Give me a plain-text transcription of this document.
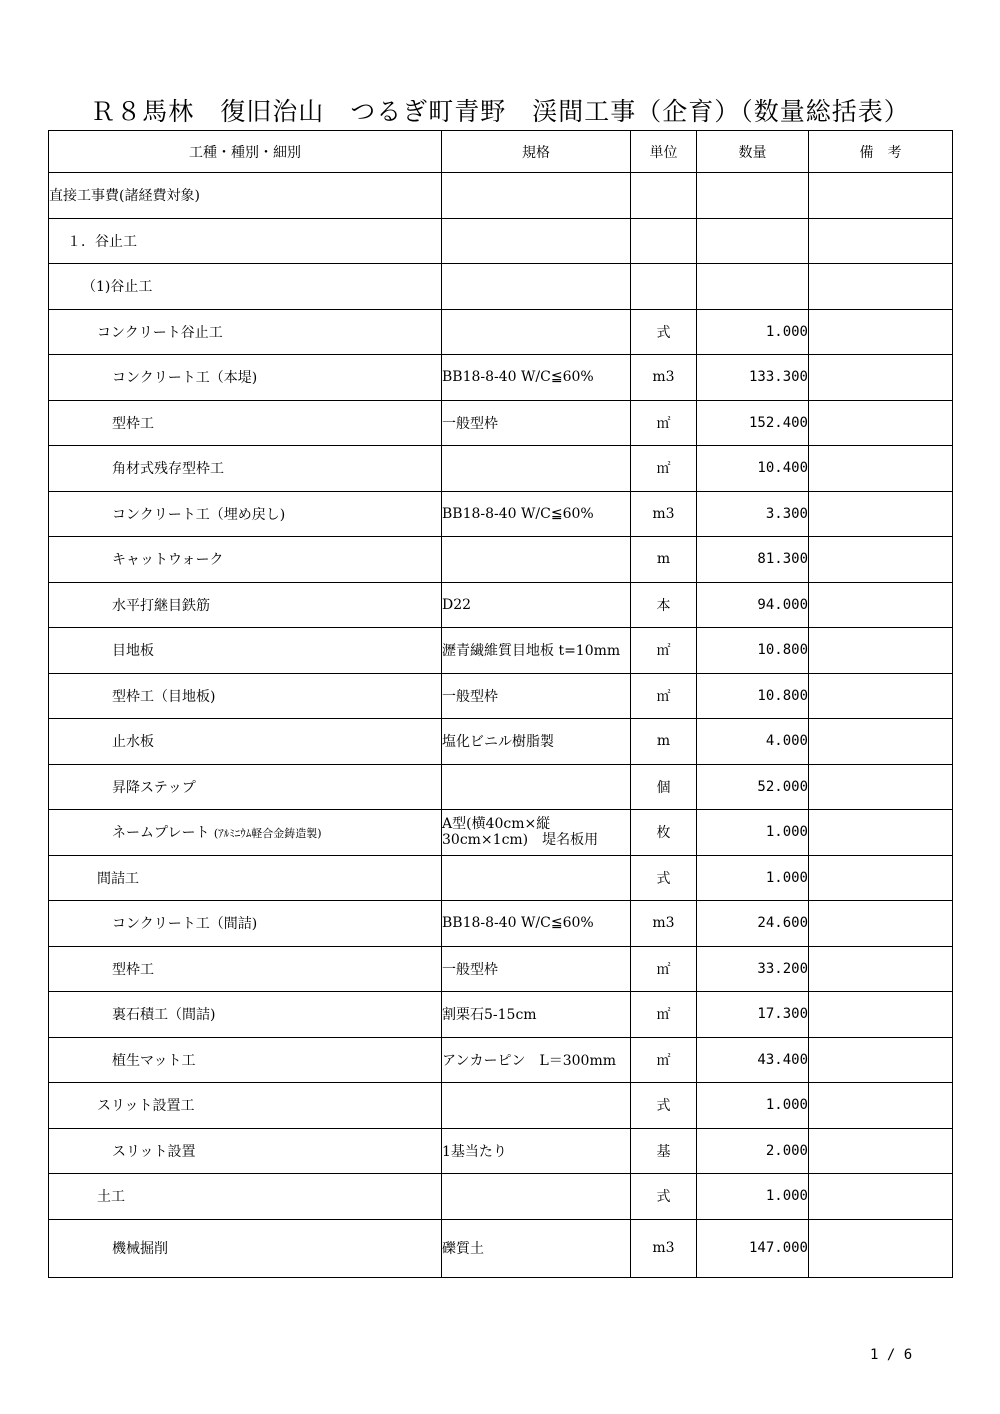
Ｒ８馬林　復旧治山　つるぎ町青野　渓間工事（企育）（数量総括表）
工種・種別・細別	規格	単位	数量	備　考
直接工事費(諸経費対象)				
１．谷止工				
（1)谷止工				
コンクリート谷止工		式	1.000	
コンクリート工（本堤)	BB18-8-40 W/C≦60%	m3	133.300	
型枠工	一般型枠	㎡	152.400	
角材式残存型枠工		㎡	10.400	
コンクリート工（埋め戻し)	BB18-8-40 W/C≦60%	m3	3.300	
キャットウォーク		m	81.300	
水平打継目鉄筋	D22	本	94.000	
目地板	瀝青繊維質目地板 t=10mm	㎡	10.800	
型枠工（目地板)	一般型枠	㎡	10.800	
止水板	塩化ビニル樹脂製	m	4.000	
昇降ステップ		個	52.000	
ネームプレート (ｱﾙﾐﾆｳﾑ軽合金鋳造製)	A型(横40cm×縦30cm×1cm)　堤名板用	枚	1.000	
間詰工		式	1.000	
コンクリート工（間詰)	BB18-8-40 W/C≦60%	m3	24.600	
型枠工	一般型枠	㎡	33.200	
裏石積工（間詰)	割栗石5-15cm	㎡	17.300	
植生マット工	アンカーピン　L＝300mm	㎡	43.400	
スリット設置工		式	1.000	
スリット設置	1基当たり	基	2.000	
土工		式	1.000	
機械掘削	礫質土	m3	147.000	
1 / 6
